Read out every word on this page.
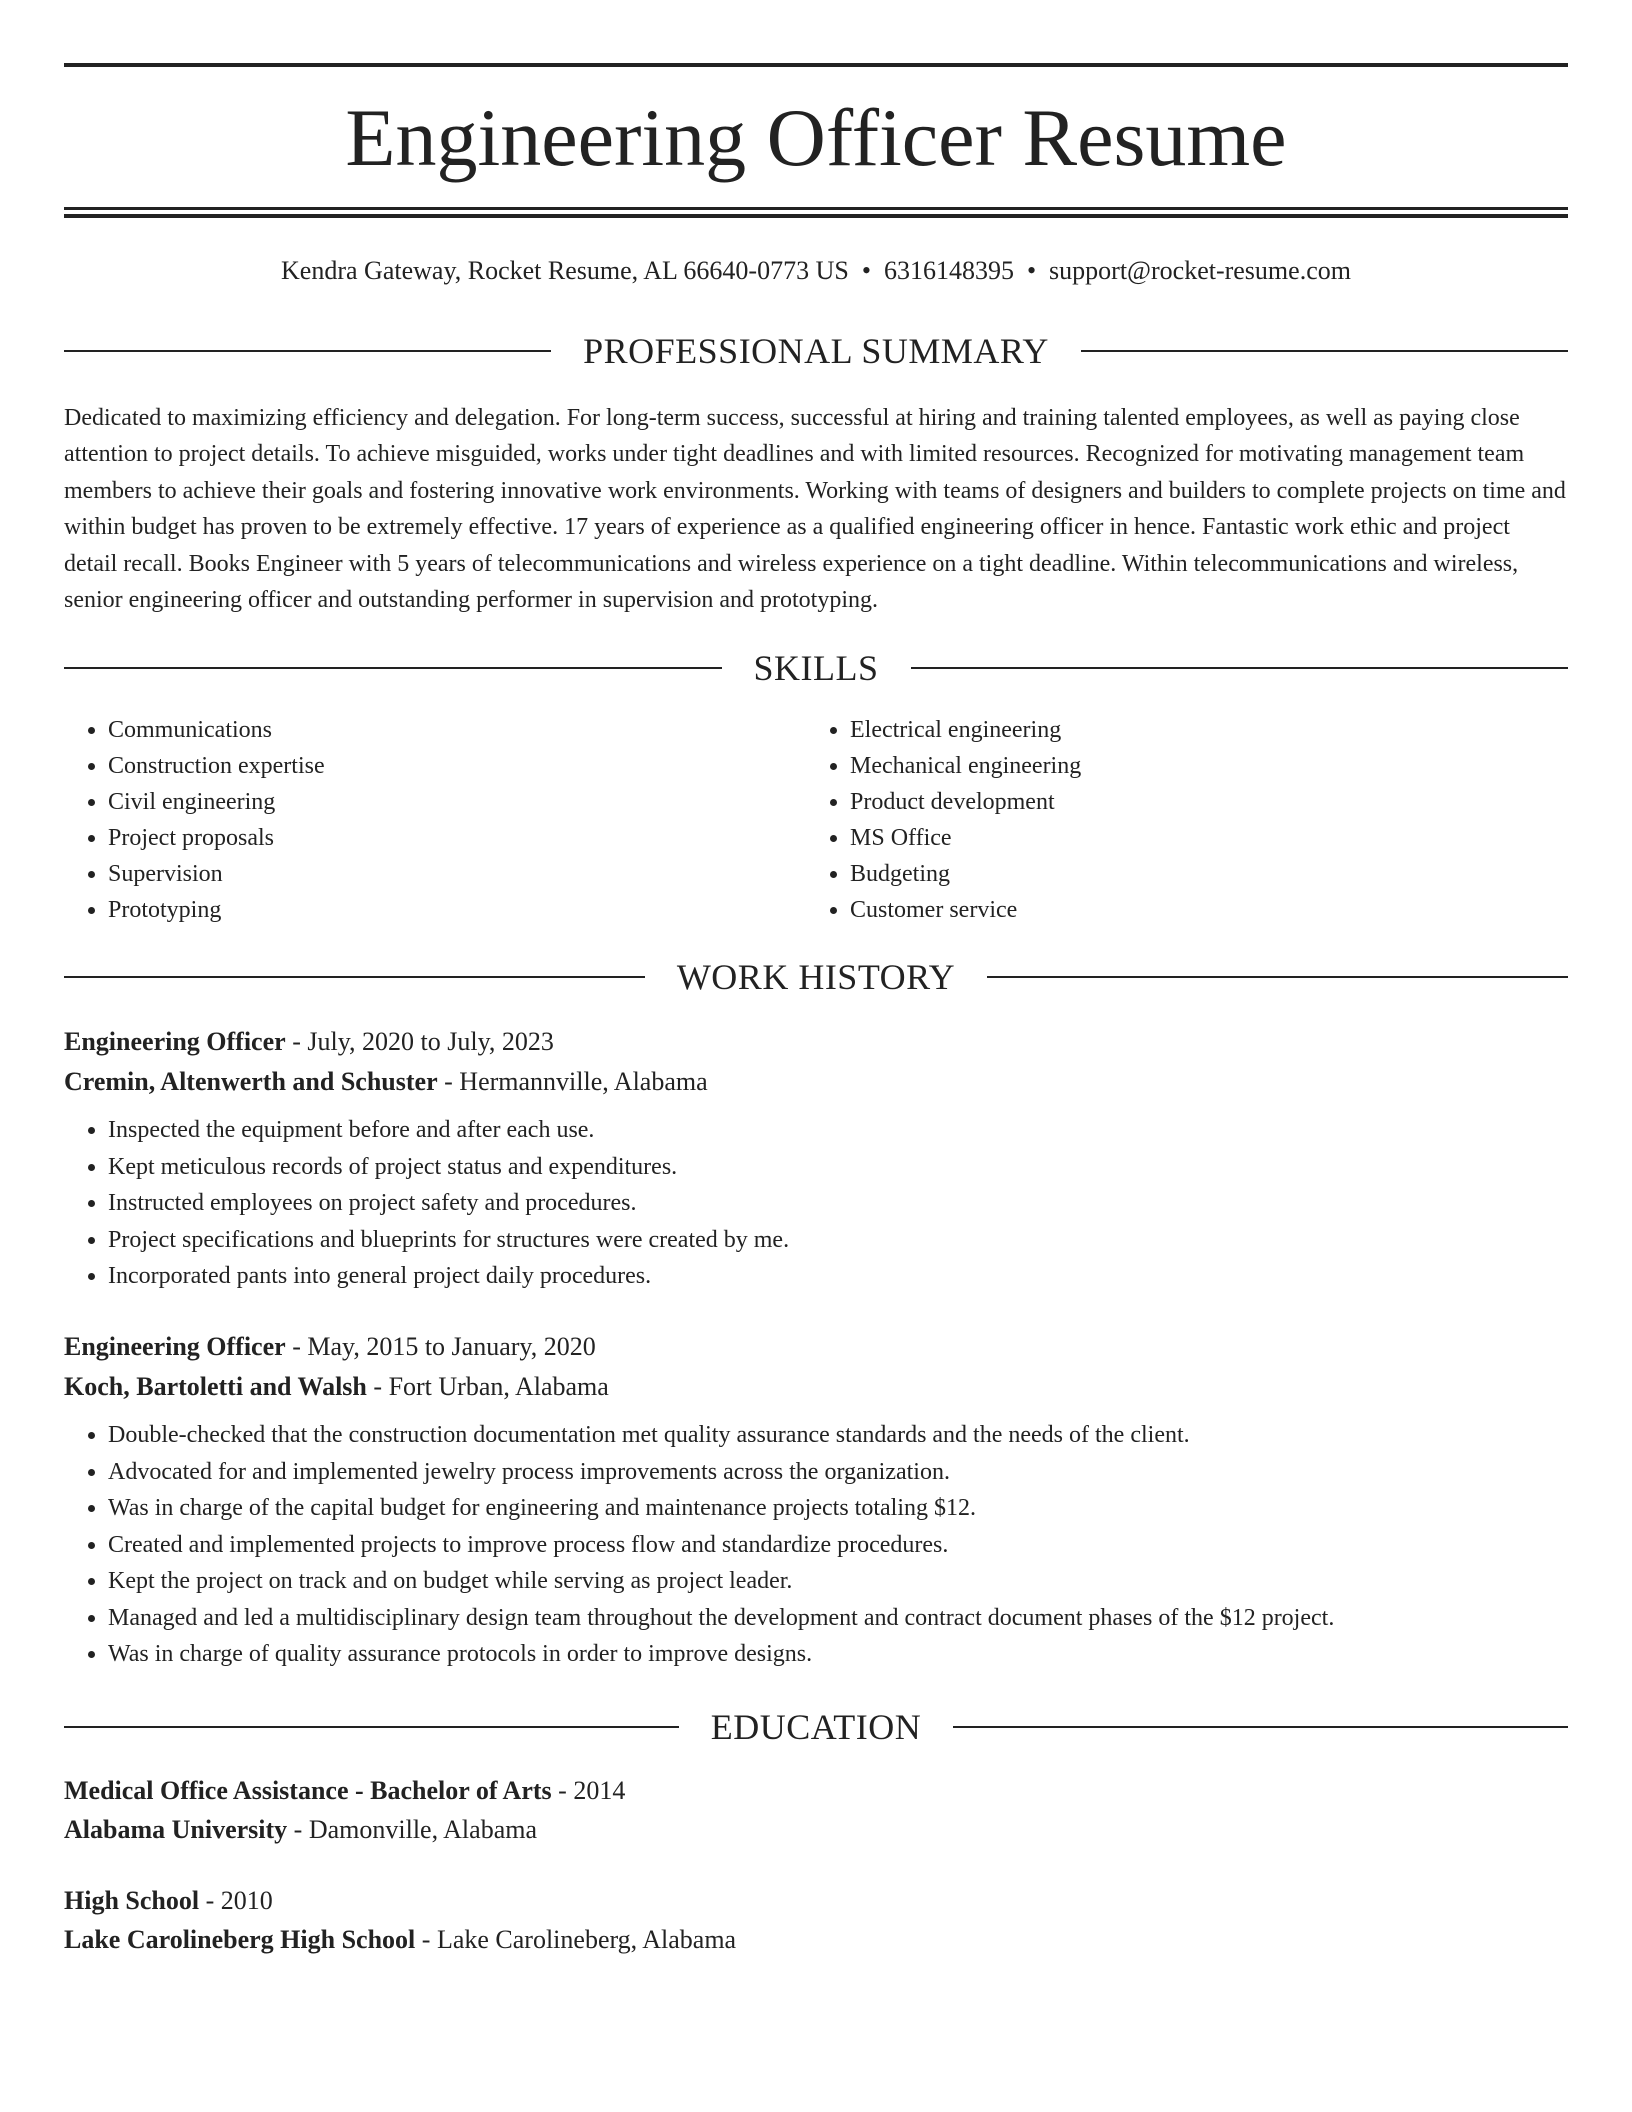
Engineering Officer Resume
Kendra Gateway, Rocket Resume, AL 66640-0773 US • 6316148395 • support@rocket-resume.com
PROFESSIONAL SUMMARY

Dedicated to maximizing efficiency and delegation. For long-term success, successful at hiring and training talented employees, as well as paying close attention to project details. To achieve misguided, works under tight deadlines and with limited resources. Recognized for motivating management team members to achieve their goals and fostering innovative work environments. Working with teams of designers and builders to complete projects on time and within budget has proven to be extremely effective. 17 years of experience as a qualified engineering officer in hence. Fantastic work ethic and project detail recall. Books Engineer with 5 years of telecommunications and wireless experience on a tight deadline. Within telecommunications and wireless, senior engineering officer and outstanding performer in supervision and prototyping.

SKILLS
• Communications
• Construction expertise
• Civil engineering
• Project proposals
• Supervision
• Prototyping
• Electrical engineering
• Mechanical engineering
• Product development
• MS Office
• Budgeting
• Customer service
WORK HISTORY
Engineering Officer - July, 2020 to July, 2023
Cremin, Altenwerth and Schuster - Hermannville, Alabama
• Inspected the equipment before and after each use.
• Kept meticulous records of project status and expenditures.
• Instructed employees on project safety and procedures.
• Project specifications and blueprints for structures were created by me.
• Incorporated pants into general project daily procedures.
Engineering Officer - May, 2015 to January, 2020
Koch, Bartoletti and Walsh - Fort Urban, Alabama
• Double-checked that the construction documentation met quality assurance standards and the needs of the client.
• Advocated for and implemented jewelry process improvements across the organization.
• Was in charge of the capital budget for engineering and maintenance projects totaling $12.
• Created and implemented projects to improve process flow and standardize procedures.
• Kept the project on track and on budget while serving as project leader.
• Managed and led a multidisciplinary design team throughout the development and contract document phases of the $12 project.
• Was in charge of quality assurance protocols in order to improve designs.
EDUCATION
Medical Office Assistance - Bachelor of Arts - 2014
Alabama University - Damonville, Alabama
High School - 2010
Lake Carolineberg High School - Lake Carolineberg, Alabama
